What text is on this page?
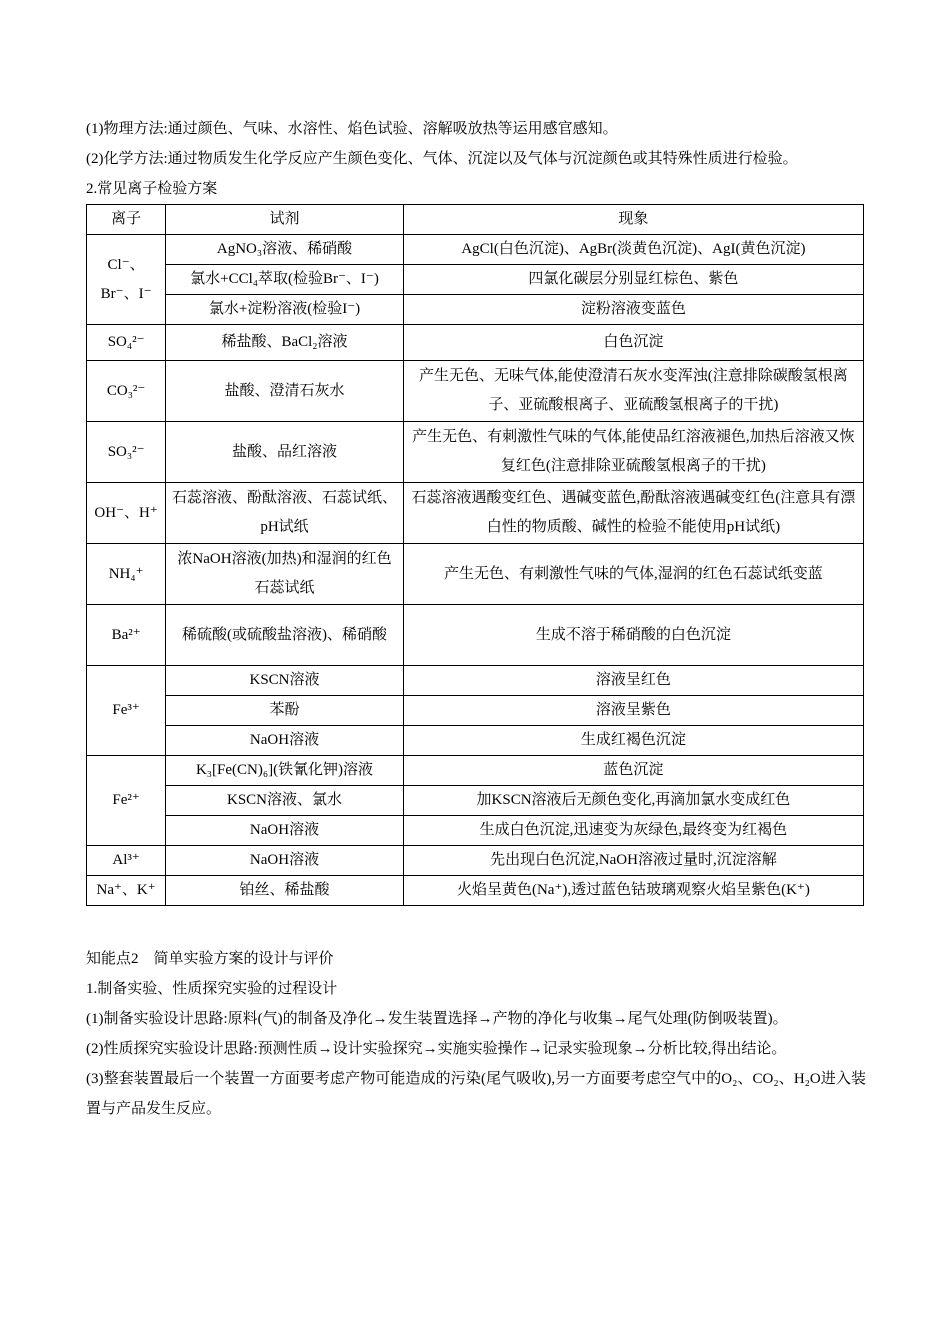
(1)物理方法:通过颜色、气味、水溶性、焰色试验、溶解吸放热等运用感官感知。

(2)化学方法:通过物质发生化学反应产生颜色变化、气体、沉淀以及气体与沉淀颜色或其特殊性质进行检验。

2.常见离子检验方案

离子	试剂	现象
Cl⁻、Br⁻、I⁻	AgNO₃溶液、稀硝酸	AgCl(白色沉淀)、AgBr(淡黄色沉淀)、AgI(黄色沉淀)
	氯水+CCl₄萃取(检验Br⁻、I⁻)	四氯化碳层分别显红棕色、紫色
	氯水+淀粉溶液(检验I⁻)	淀粉溶液变蓝色
SO₄²⁻	稀盐酸、BaCl₂溶液	白色沉淀
CO₃²⁻	盐酸、澄清石灰水	产生无色、无味气体,能使澄清石灰水变浑浊(注意排除碳酸氢根离子、亚硫酸根离子、亚硫酸氢根离子的干扰)
SO₃²⁻	盐酸、品红溶液	产生无色、有刺激性气味的气体,能使品红溶液褪色,加热后溶液又恢复红色(注意排除亚硫酸氢根离子的干扰)
OH⁻、H⁺	石蕊溶液、酚酞溶液、石蕊试纸、pH试纸	石蕊溶液遇酸变红色、遇碱变蓝色,酚酞溶液遇碱变红色(注意具有漂白性的物质酸、碱性的检验不能使用pH试纸)
NH₄⁺	浓NaOH溶液(加热)和湿润的红色石蕊试纸	产生无色、有刺激性气味的气体,湿润的红色石蕊试纸变蓝
Ba²⁺	稀硫酸(或硫酸盐溶液)、稀硝酸	生成不溶于稀硝酸的白色沉淀
Fe³⁺	KSCN溶液	溶液呈红色
	苯酚	溶液呈紫色
	NaOH溶液	生成红褐色沉淀
Fe²⁺	K₃[Fe(CN)₆](铁氰化钾)溶液	蓝色沉淀
	KSCN溶液、氯水	加KSCN溶液后无颜色变化,再滴加氯水变成红色
	NaOH溶液	生成白色沉淀,迅速变为灰绿色,最终变为红褐色
Al³⁺	NaOH溶液	先出现白色沉淀,NaOH溶液过量时,沉淀溶解
Na⁺、K⁺	铂丝、稀盐酸	火焰呈黄色(Na⁺),透过蓝色钴玻璃观察火焰呈紫色(K⁺)

知能点2　简单实验方案的设计与评价

1.制备实验、性质探究实验的过程设计

(1)制备实验设计思路:原料(气)的制备及净化→发生装置选择→产物的净化与收集→尾气处理(防倒吸装置)。

(2)性质探究实验设计思路:预测性质→设计实验探究→实施实验操作→记录实验现象→分析比较,得出结论。

(3)整套装置最后一个装置一方面要考虑产物可能造成的污染(尾气吸收),另一方面要考虑空气中的O₂、CO₂、H₂O进入装置与产品发生反应。
